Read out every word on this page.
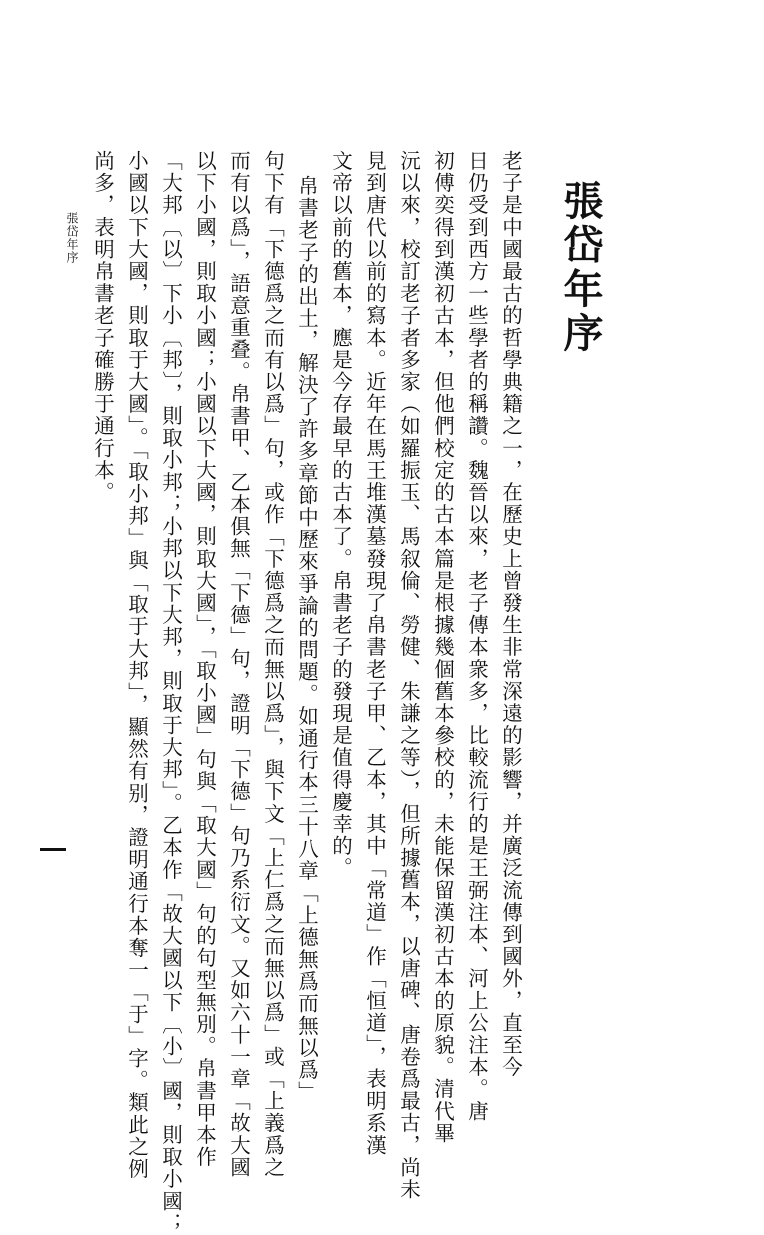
張岱年序
老子是中國最古的哲學典籍之一，在歷史上曾發生非常深遠的影響，并廣泛流傳到國外，直至今
日仍受到西方一些學者的稱讚。魏晉以來，老子傳本衆多，比較流行的是王弼注本、河上公注本。唐
初傅奕得到漢初古本，但他們校定的古本篇是根據幾個舊本參校的，未能保留漢初古本的原貌。清代畢
沅以來，校訂老子者多家（如羅振玉、馬叙倫、勞健、朱謙之等），但所據舊本，以唐碑、唐卷爲最古，尚未
見到唐代以前的寫本。近年在馬王堆漢墓發現了帛書老子甲、乙本，其中「常道」作「恒道」，表明系漢
文帝以前的舊本，應是今存最早的古本了。帛書老子的發現是值得慶幸的。
帛書老子的出土，解決了許多章節中歷來爭論的問題。如通行本三十八章「上德無爲而無以爲」
句下有「下德爲之而有以爲」句，或作「下德爲之而無以爲」，與下文「上仁爲之而無以爲」或「上義爲之
而有以爲」，語意重叠。帛書甲、乙本俱無「下德」句，證明「下德」句乃系衍文。又如六十一章「故大國
以下小國，則取小國；小國以下大國，則取大國」，「取小國」句與「取大國」句的句型無別。帛書甲本作
「大邦〔以〕下小〔邦〕，則取小邦；小邦以下大邦，則取于大邦」。乙本作「故大國以下〔小〕國，則取小國；
小國以下大國，則取于大國」。「取小邦」與「取于大邦」，顯然有别，證明通行本奪一「于」字。類此之例
尚多，表明帛書老子確勝于通行本。
張岱年序
